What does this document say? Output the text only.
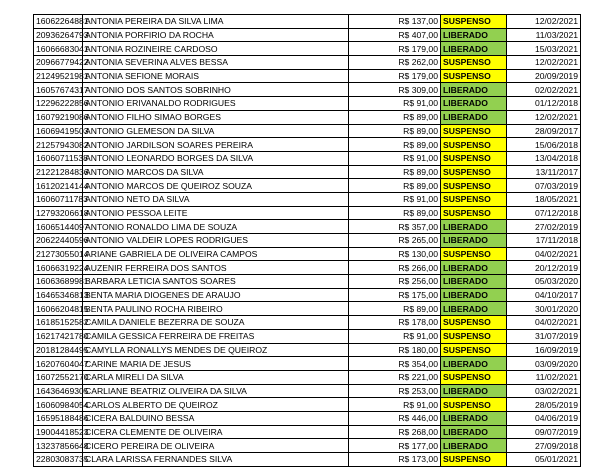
16062264881	ANTONIA PEREIRA DA SILVA LIMA	R$ 137,00	SUSPENSO	12/02/2021
20936264793	ANTONIA PORFIRIO DA ROCHA	R$ 407,00	LIBERADO	11/03/2021
16066683041	ANTONIA ROZINEIRE CARDOSO	R$ 179,00	LIBERADO	15/03/2021
20966779422	ANTONIA SEVERINA ALVES BESSA	R$ 262,00	SUSPENSO	12/02/2021
21249521981	ANTONIA SEFIONE MORAIS	R$ 179,00	SUSPENSO	20/09/2019
16057674317	ANTONIO DOS SANTOS SOBRINHO	R$ 309,00	LIBERADO	02/02/2021
12296222856	ANTONIO ERIVANALDO RODRIGUES	R$ 91,00	LIBERADO	01/12/2018
16079219086	ANTONIO FILHO SIMAO BORGES	R$ 89,00	LIBERADO	12/02/2021
16069419503	ANTONIO GLEMESON DA SILVA	R$ 89,00	SUSPENSO	28/09/2017
21257943082	ANTONIO JARDILSON SOARES PEREIRA	R$ 89,00	SUSPENSO	15/06/2018
16060711538	ANTONIO LEONARDO BORGES DA SILVA	R$ 91,00	SUSPENSO	13/04/2018
21221284836	ANTONIO MARCOS DA SILVA	R$ 89,00	SUSPENSO	13/11/2017
16120214144	ANTONIO MARCOS DE QUEIROZ SOUZA	R$ 89,00	SUSPENSO	07/03/2019
16060711783	ANTONIO NETO DA SILVA	R$ 91,00	SUSPENSO	18/05/2021
12793206618	ANTONIO PESSOA LEITE	R$ 89,00	SUSPENSO	07/12/2018
16065144097	ANTONIO RONALDO LIMA DE SOUZA	R$ 357,00	LIBERADO	27/02/2019
20622440596	ANTONIO VALDEIR LOPES RODRIGUES	R$ 265,00	LIBERADO	17/11/2018
21273055014	ARIANE GABRIELA DE OLIVEIRA CAMPOS	R$ 130,00	SUSPENSO	04/02/2021
16066319224	AUZENIR FERREIRA DOS SANTOS	R$ 266,00	LIBERADO	20/12/2019
16063689981	BARBARA LETICIA SANTOS SOARES	R$ 256,00	LIBERADO	05/03/2020
16465346813	BENTA MARIA DIOGENES DE ARAUJO	R$ 175,00	LIBERADO	04/10/2017
16066204815	BENTA PAULINO ROCHA RIBEIRO	R$ 89,00	LIBERADO	30/01/2020
16185152582	CAMILA DANIELE BEZERRA DE SOUZA	R$ 178,00	SUSPENSO	04/02/2021
16217421780	CAMILA GESSICA FERREIRA DE FREITAS	R$ 91,00	SUSPENSO	31/07/2019
20181284495	CAMYLLA RONALLYS MENDES DE QUEIROZ	R$ 180,00	SUSPENSO	16/09/2019
16207604047	CARINE MARIA DE JESUS	R$ 354,00	LIBERADO	03/09/2020
16072552170	CARLA MIRELI DA SILVA	R$ 221,00	SUSPENSO	11/02/2021
16436469305	CARLIANE BEATRIZ OLIVEIRA DA SILVA	R$ 253,00	LIBERADO	03/02/2021
16060984054	CARLOS ALBERTO DE QUEIROZ	R$ 91,00	SUSPENSO	28/05/2019
16595188486	CICERA BALDUINO BESSA	R$ 446,00	LIBERADO	04/06/2019
19004418523	CICERA CLEMENTE DE OLIVEIRA	R$ 268,00	LIBERADO	09/07/2019
13237856648	CICERO PEREIRA DE OLIVEIRA	R$ 177,00	LIBERADO	27/09/2018
22803083735	CLARA LARISSA FERNANDES SILVA	R$ 173,00	SUSPENSO	05/01/2021
